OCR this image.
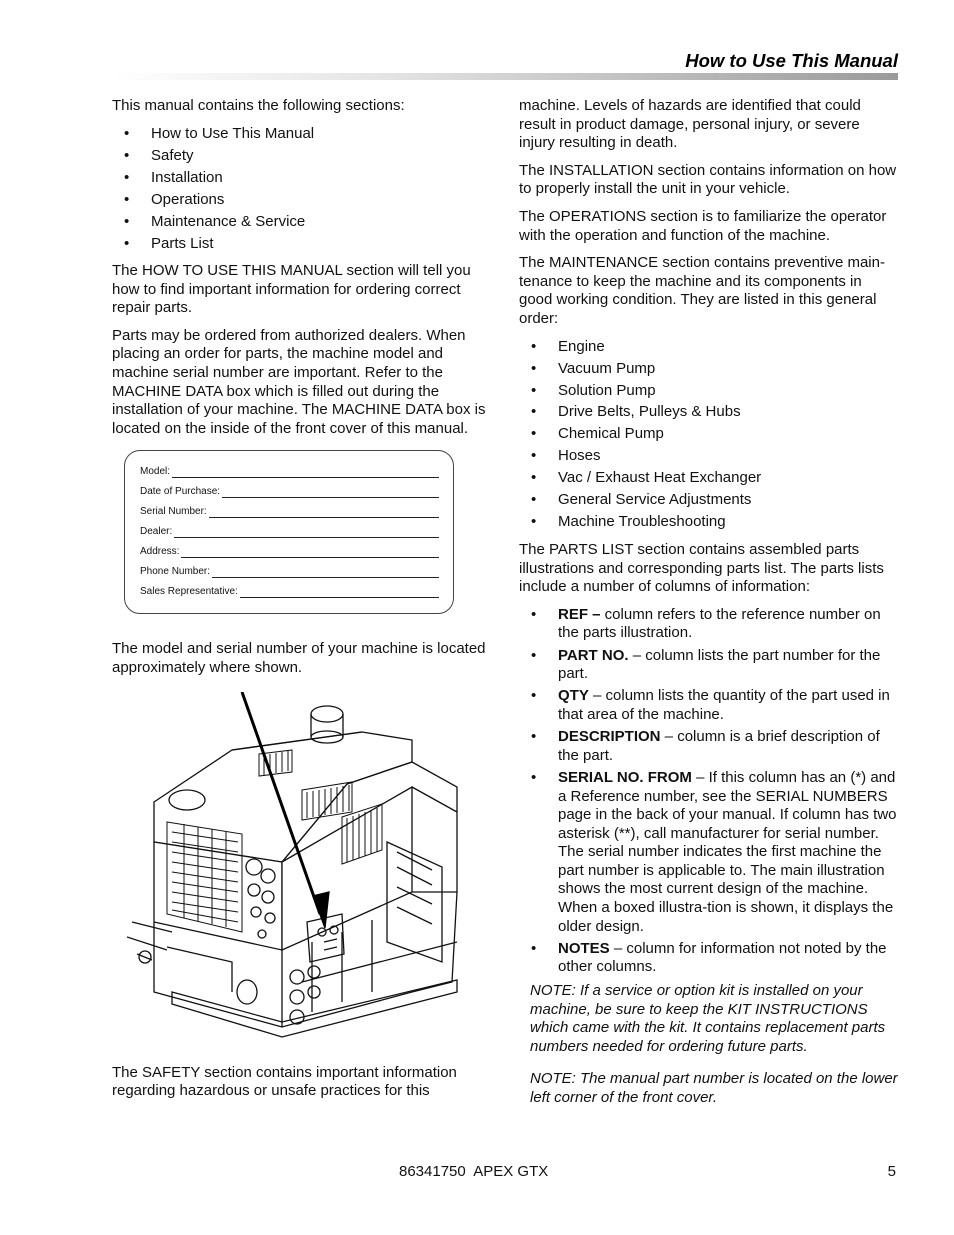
How to Use This Manual

This manual contains the following sections:

• How to Use This Manual
• Safety
• Installation
• Operations
• Maintenance & Service
• Parts List

The HOW TO USE THIS MANUAL section will tell you how to find important information for ordering correct repair parts.

Parts may be ordered from authorized dealers. When placing an order for parts, the machine model and machine serial number are important. Refer to the MACHINE DATA box which is filled out during the installation of your machine. The MACHINE DATA box is located on the inside of the front cover of this manual.

Model:
Date of Purchase:
Serial Number:
Dealer:
Address:
Phone Number:
Sales Representative:

The model and serial number of your machine is located approximately where shown.

The SAFETY section contains important information regarding hazardous or unsafe practices for this

machine. Levels of hazards are identified that could result in product damage, personal injury, or severe injury resulting in death.

The INSTALLATION section contains information on how to properly install the unit in your vehicle.

The OPERATIONS section is to familiarize the operator with the operation and function of the machine.

The MAINTENANCE section contains preventive main-tenance to keep the machine and its components in good working condition. They are listed in this general order:

• Engine
• Vacuum Pump
• Solution Pump
• Drive Belts, Pulleys & Hubs
• Chemical Pump
• Hoses
• Vac / Exhaust Heat Exchanger
• General Service Adjustments
• Machine Troubleshooting

The PARTS LIST section contains assembled parts illustrations and corresponding parts list. The parts lists include a number of columns of information:

• REF – column refers to the reference number on the parts illustration.
• PART NO. – column lists the part number for the part.
• QTY – column lists the quantity of the part used in that area of the machine.
• DESCRIPTION – column is a brief description of the part.
• SERIAL NO. FROM – If this column has an (*) and a Reference number, see the SERIAL NUMBERS page in the back of your manual. If column has two asterisk (**), call manufacturer for serial number. The serial number indicates the first machine the part number is applicable to. The main illustration shows the most current design of the machine. When a boxed illustra-tion is shown, it displays the older design.
• NOTES – column for information not noted by the other columns.

NOTE: If a service or option kit is installed on your machine, be sure to keep the KIT INSTRUCTIONS which came with the kit. It contains replacement parts numbers needed for ordering future parts.

NOTE: The manual part number is located on the lower left corner of the front cover.

86341750  APEX GTX	5
